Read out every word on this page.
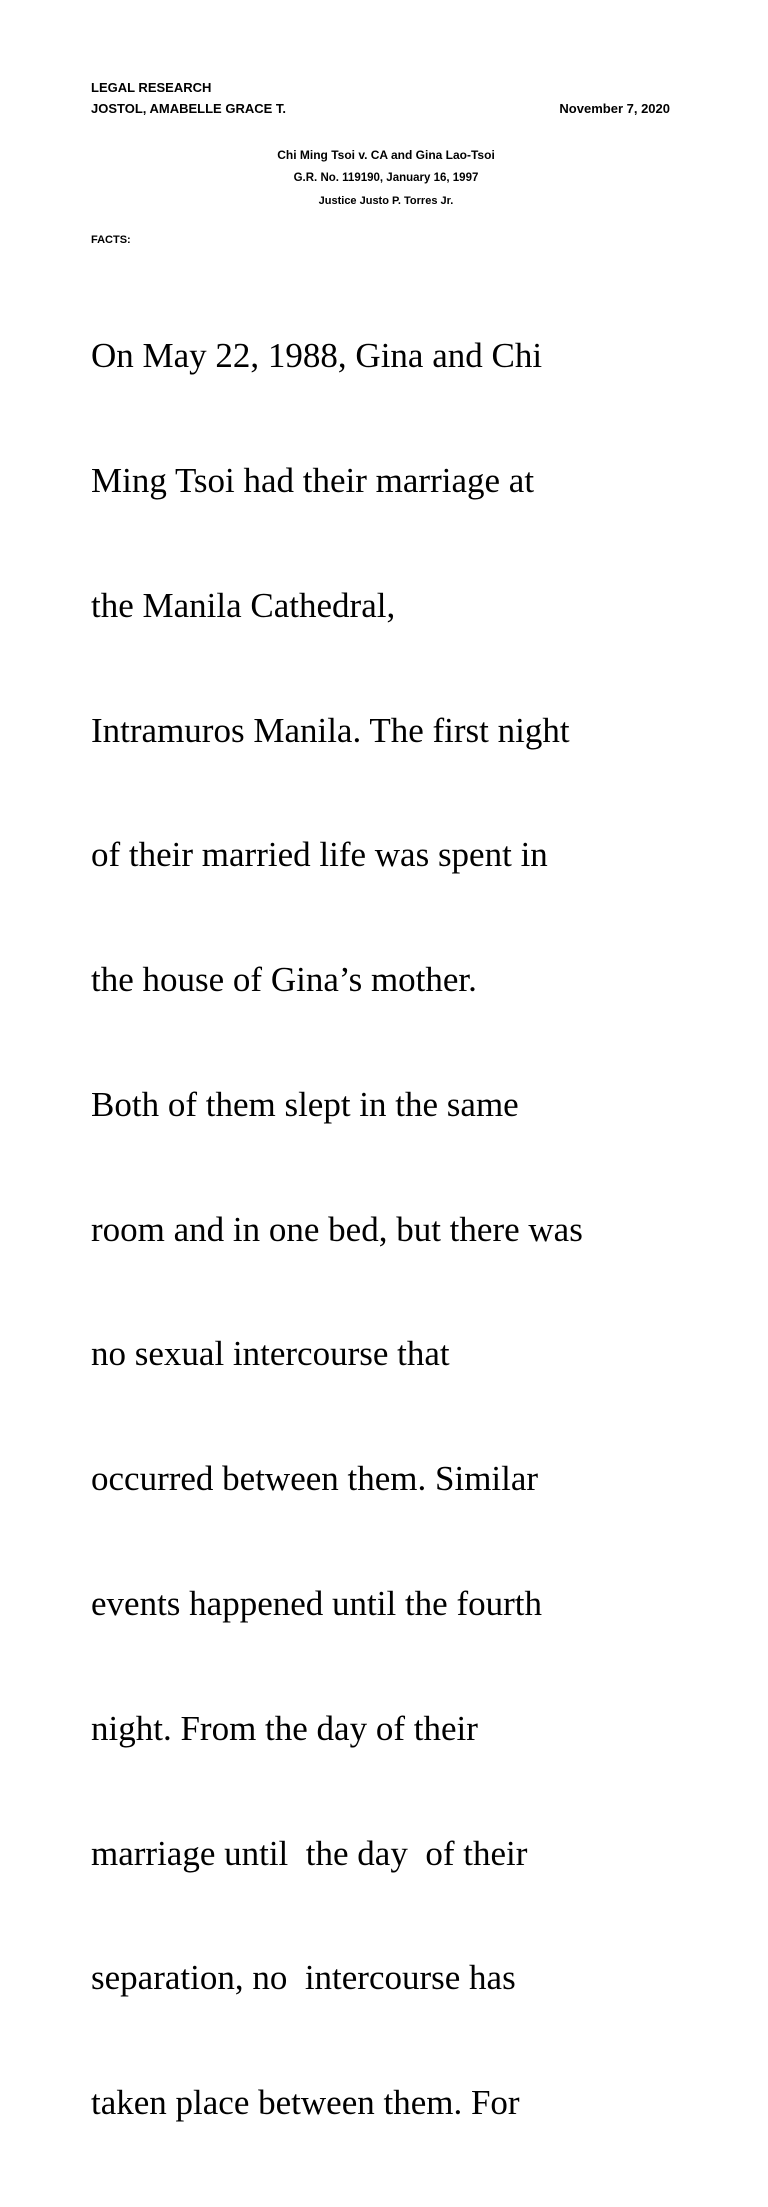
LEGAL RESEARCH
JOSTOL, AMABELLE GRACE T.	November 7, 2020
Chi Ming Tsoi v. CA and Gina Lao-Tsoi
G.R. No. 119190, January 16, 1997
Justice Justo P. Torres Jr.
FACTS:

On May 22, 1988, Gina and Chi

Ming Tsoi had their marriage at

the Manila Cathedral,

Intramuros Manila. The first night

of their married life was spent in

the house of Gina’s mother.

Both of them slept in the same

room and in one bed, but there was

no sexual intercourse that

occurred between them. Similar

events happened until the fourth

night. From the day of their

marriage until  the day  of their

separation, no  intercourse has

taken place between them. For
